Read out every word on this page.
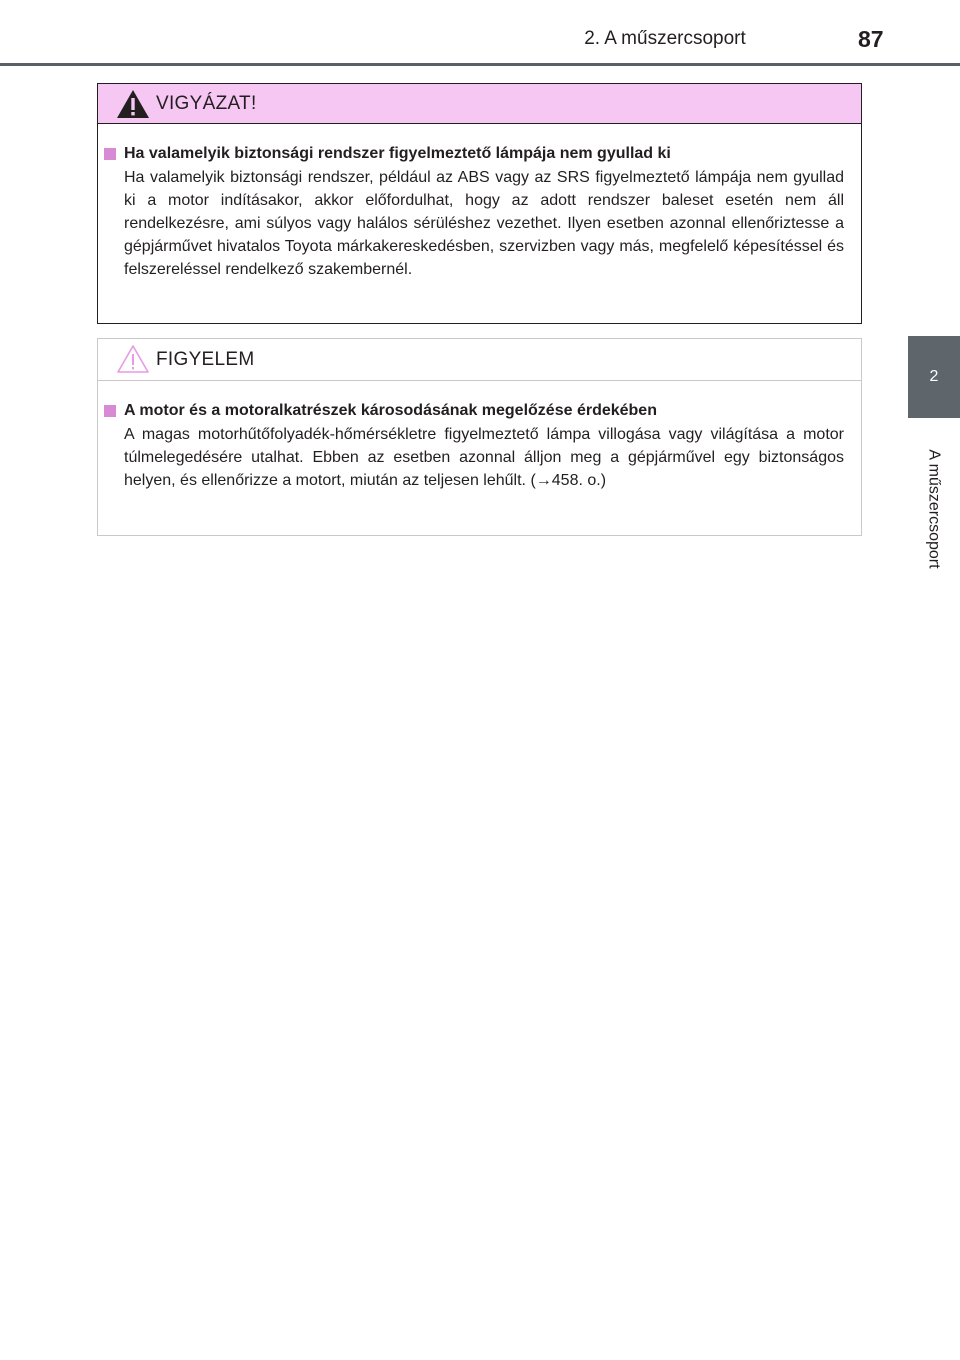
2. A műszercsoport	87
2
A műszercsoport
VIGYÁZAT!
Ha valamelyik biztonsági rendszer figyelmeztető lámpája nem gyullad ki
Ha valamelyik biztonsági rendszer, például az ABS vagy az SRS figyelmeztető lámpája nem gyullad ki a motor indításakor, akkor előfordulhat, hogy az adott rendszer baleset esetén nem áll rendelkezésre, ami súlyos vagy halálos sérüléshez vezethet. Ilyen esetben azonnal ellenőriztesse a gépjárművet hivatalos Toyota márkakereskedésben, szervizben vagy más, megfelelő képesítéssel és felszereléssel rendelkező szakembernél.
FIGYELEM
A motor és a motoralkatrészek károsodásának megelőzése érdekében
A magas motorhűtőfolyadék-hőmérsékletre figyelmeztető lámpa villogása vagy világítása a motor túlmelegedésére utalhat. Ebben az esetben azonnal álljon meg a gépjárművel egy biztonságos helyen, és ellenőrizze a motort, miután az teljesen lehűlt. (→458. o.)
